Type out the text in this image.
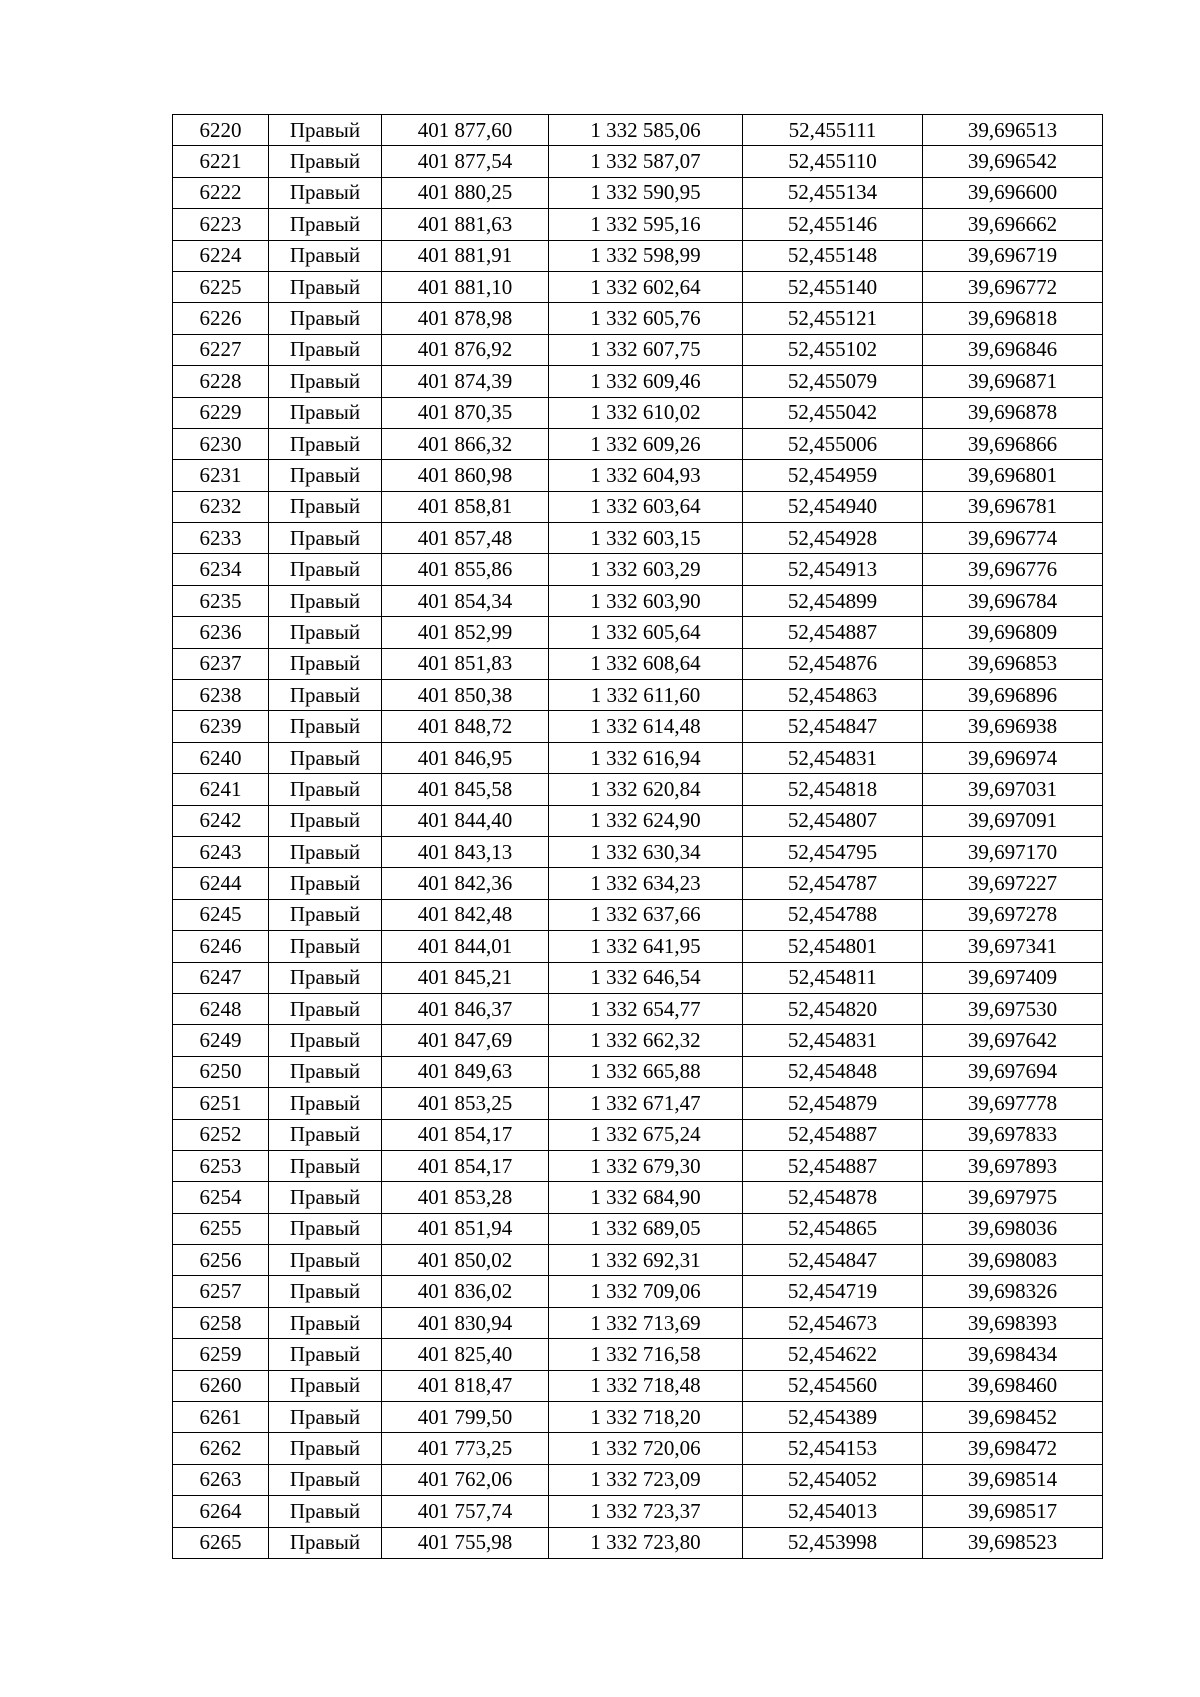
6220	Правый	401 877,60	1 332 585,06	52,455111	39,696513
6221	Правый	401 877,54	1 332 587,07	52,455110	39,696542
6222	Правый	401 880,25	1 332 590,95	52,455134	39,696600
6223	Правый	401 881,63	1 332 595,16	52,455146	39,696662
6224	Правый	401 881,91	1 332 598,99	52,455148	39,696719
6225	Правый	401 881,10	1 332 602,64	52,455140	39,696772
6226	Правый	401 878,98	1 332 605,76	52,455121	39,696818
6227	Правый	401 876,92	1 332 607,75	52,455102	39,696846
6228	Правый	401 874,39	1 332 609,46	52,455079	39,696871
6229	Правый	401 870,35	1 332 610,02	52,455042	39,696878
6230	Правый	401 866,32	1 332 609,26	52,455006	39,696866
6231	Правый	401 860,98	1 332 604,93	52,454959	39,696801
6232	Правый	401 858,81	1 332 603,64	52,454940	39,696781
6233	Правый	401 857,48	1 332 603,15	52,454928	39,696774
6234	Правый	401 855,86	1 332 603,29	52,454913	39,696776
6235	Правый	401 854,34	1 332 603,90	52,454899	39,696784
6236	Правый	401 852,99	1 332 605,64	52,454887	39,696809
6237	Правый	401 851,83	1 332 608,64	52,454876	39,696853
6238	Правый	401 850,38	1 332 611,60	52,454863	39,696896
6239	Правый	401 848,72	1 332 614,48	52,454847	39,696938
6240	Правый	401 846,95	1 332 616,94	52,454831	39,696974
6241	Правый	401 845,58	1 332 620,84	52,454818	39,697031
6242	Правый	401 844,40	1 332 624,90	52,454807	39,697091
6243	Правый	401 843,13	1 332 630,34	52,454795	39,697170
6244	Правый	401 842,36	1 332 634,23	52,454787	39,697227
6245	Правый	401 842,48	1 332 637,66	52,454788	39,697278
6246	Правый	401 844,01	1 332 641,95	52,454801	39,697341
6247	Правый	401 845,21	1 332 646,54	52,454811	39,697409
6248	Правый	401 846,37	1 332 654,77	52,454820	39,697530
6249	Правый	401 847,69	1 332 662,32	52,454831	39,697642
6250	Правый	401 849,63	1 332 665,88	52,454848	39,697694
6251	Правый	401 853,25	1 332 671,47	52,454879	39,697778
6252	Правый	401 854,17	1 332 675,24	52,454887	39,697833
6253	Правый	401 854,17	1 332 679,30	52,454887	39,697893
6254	Правый	401 853,28	1 332 684,90	52,454878	39,697975
6255	Правый	401 851,94	1 332 689,05	52,454865	39,698036
6256	Правый	401 850,02	1 332 692,31	52,454847	39,698083
6257	Правый	401 836,02	1 332 709,06	52,454719	39,698326
6258	Правый	401 830,94	1 332 713,69	52,454673	39,698393
6259	Правый	401 825,40	1 332 716,58	52,454622	39,698434
6260	Правый	401 818,47	1 332 718,48	52,454560	39,698460
6261	Правый	401 799,50	1 332 718,20	52,454389	39,698452
6262	Правый	401 773,25	1 332 720,06	52,454153	39,698472
6263	Правый	401 762,06	1 332 723,09	52,454052	39,698514
6264	Правый	401 757,74	1 332 723,37	52,454013	39,698517
6265	Правый	401 755,98	1 332 723,80	52,453998	39,698523
